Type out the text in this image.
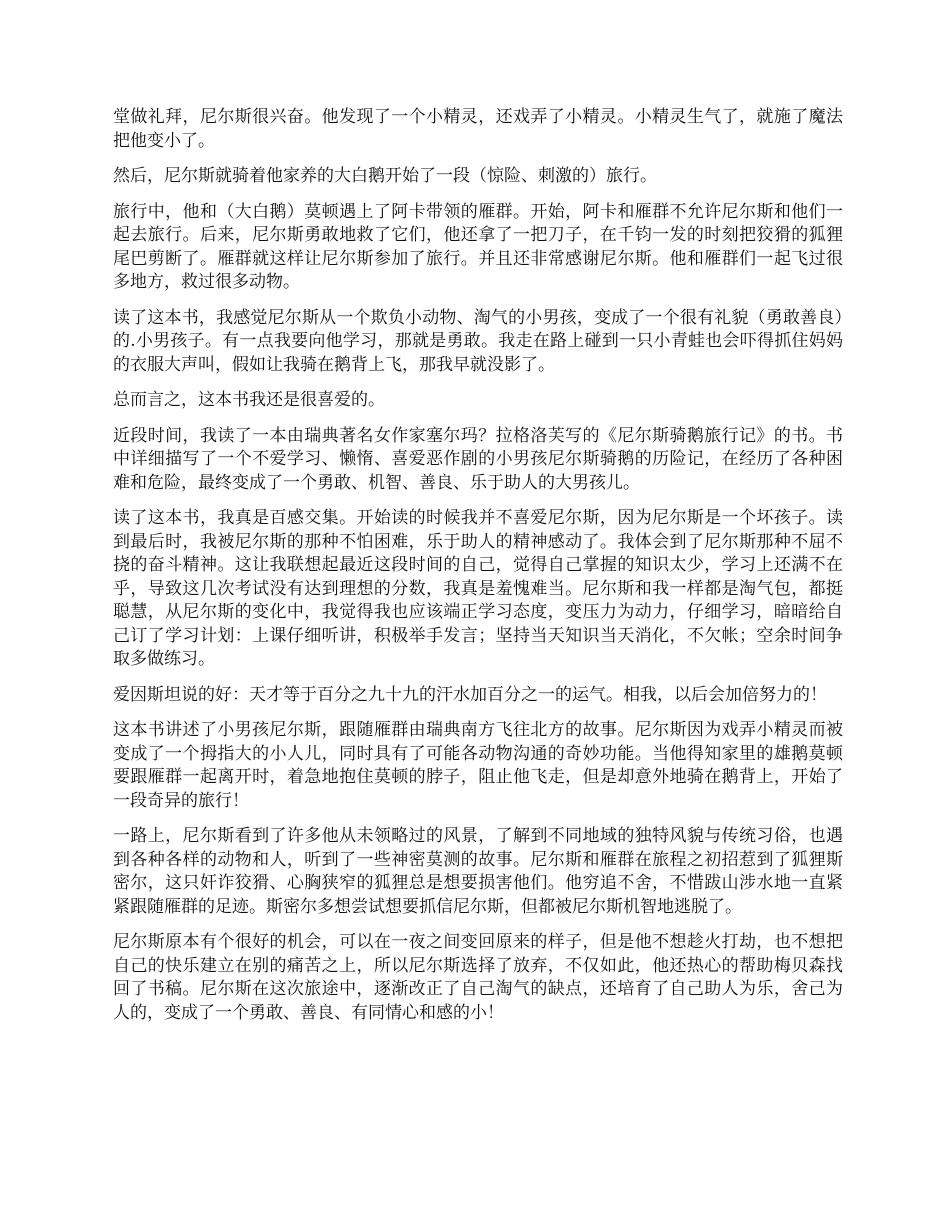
堂做礼拜，尼尔斯很兴奋。他发现了一个小精灵，还戏弄了小精灵。小精灵生气了，就施了魔法把他变小了。

然后，尼尔斯就骑着他家养的大白鹅开始了一段（惊险、刺激的）旅行。

旅行中，他和（大白鹅）莫顿遇上了阿卡带领的雁群。开始，阿卡和雁群不允许尼尔斯和他们一起去旅行。后来，尼尔斯勇敢地救了它们，他还拿了一把刀子，在千钧一发的时刻把狡猾的狐狸尾巴剪断了。雁群就这样让尼尔斯参加了旅行。并且还非常感谢尼尔斯。他和雁群们一起飞过很多地方，救过很多动物。

读了这本书，我感觉尼尔斯从一个欺负小动物、淘气的小男孩，变成了一个很有礼貌（勇敢善良）的.小男孩子。有一点我要向他学习，那就是勇敢。我走在路上碰到一只小青蛙也会吓得抓住妈妈的衣服大声叫，假如让我骑在鹅背上飞，那我早就没影了。

总而言之，这本书我还是很喜爱的。

近段时间，我读了一本由瑞典著名女作家塞尔玛？拉格洛芙写的《尼尔斯骑鹅旅行记》的书。书中详细描写了一个不爱学习、懒惰、喜爱恶作剧的小男孩尼尔斯骑鹅的历险记，在经历了各种困难和危险，最终变成了一个勇敢、机智、善良、乐于助人的大男孩儿。

读了这本书，我真是百感交集。开始读的时候我并不喜爱尼尔斯，因为尼尔斯是一个坏孩子。读到最后时，我被尼尔斯的那种不怕困难，乐于助人的精神感动了。我体会到了尼尔斯那种不屈不挠的奋斗精神。这让我联想起最近这段时间的自己，觉得自己掌握的知识太少，学习上还满不在乎，导致这几次考试没有达到理想的分数，我真是羞愧难当。尼尔斯和我一样都是淘气包，都挺聪慧，从尼尔斯的变化中，我觉得我也应该端正学习态度，变压力为动力，仔细学习，暗暗给自己订了学习计划：上课仔细听讲，积极举手发言；坚持当天知识当天消化，不欠帐；空余时间争取多做练习。

爱因斯坦说的好：天才等于百分之九十九的汗水加百分之一的运气。相我，以后会加倍努力的！

这本书讲述了小男孩尼尔斯，跟随雁群由瑞典南方飞往北方的故事。尼尔斯因为戏弄小精灵而被变成了一个拇指大的小人儿，同时具有了可能各动物沟通的奇妙功能。当他得知家里的雄鹅莫顿要跟雁群一起离开时，着急地抱住莫顿的脖子，阻止他飞走，但是却意外地骑在鹅背上，开始了一段奇异的旅行！

一路上，尼尔斯看到了许多他从未领略过的风景，了解到不同地域的独特风貌与传统习俗，也遇到各种各样的动物和人，听到了一些神密莫测的故事。尼尔斯和雁群在旅程之初招惹到了狐狸斯密尔，这只奸诈狡猾、心胸狭窄的狐狸总是想要损害他们。他穷追不舍，不惜跋山涉水地一直紧紧跟随雁群的足迹。斯密尔多想尝试想要抓信尼尔斯，但都被尼尔斯机智地逃脱了。

尼尔斯原本有个很好的机会，可以在一夜之间变回原来的样子，但是他不想趁火打劫，也不想把自己的快乐建立在别的痛苦之上，所以尼尔斯选择了放弃，不仅如此，他还热心的帮助梅贝森找回了书稿。尼尔斯在这次旅途中，逐渐改正了自己淘气的缺点，还培育了自己助人为乐，舍己为人的，变成了一个勇敢、善良、有同情心和感的小！
